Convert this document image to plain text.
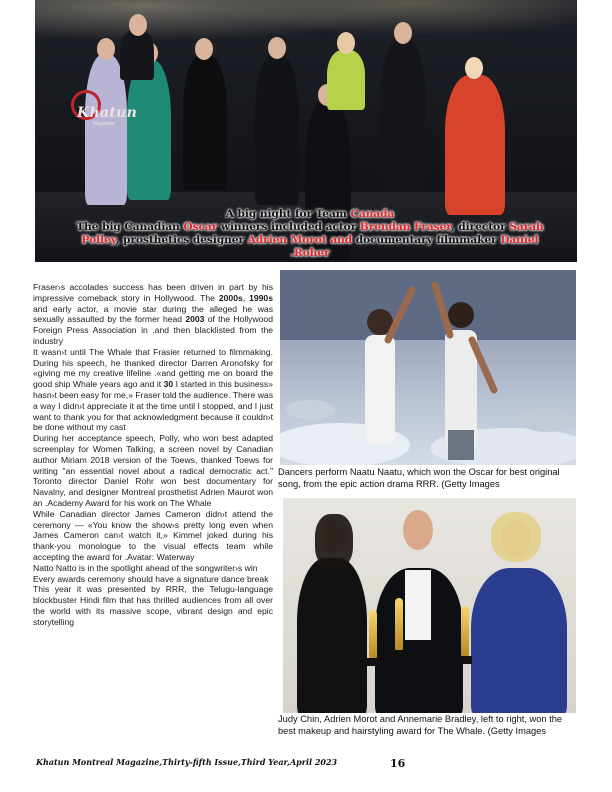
Khatun
Magazine
A big night for Team Canada
The big Canadian Oscar winners included actor Brendan Fraser, director Sarah
Polley, prosthetics designer Adrien Morot and documentary filmmaker Daniel
.Roher

Fraser›s accolades success has been driven in part by his impressive comeback story in Hollywood. The 2000s, 1990s and early actor, a movie star during the alleged he was sexually assaulted by the former head 2003 of the Hollywood Foreign Press Association in .and then blacklisted from the industry

It wasn›t until The Whale that Frasier returned to filmmaking. During his speech, he thanked director Darren Aronofsky for «giving me my creative lifeline .«and getting me on board the good ship Whale years ago and it 30 I started in this business» hasn›t been easy for me,» Fraser told the audience. There was a way I didn›t appreciate it at the time until I stopped, and I just want to thank you for that acknowledgment because it couldn›t be done without my cast

During her acceptance speech, Polly, who won best adapted screenplay for Women Talking, a screen novel by Canadian author Miriam 2018 version of the Toews, thanked Toews for writing "an essential novel about a radical democratic act." Toronto director Daniel Rohr won best documentary for Navalny, and designer Montreal prosthetist Adrien Maurot won an .Academy Award for his work on The Whale

While Canadian director James Cameron didn›t attend the ceremony — «You know the show›s pretty long even when James Cameron can›t watch it,» Kimmel joked during his thank-you monologue to the visual effects team while accepting the award for .Avatar: Waterway

Natto Natto is in the spotlight ahead of the songwriter›s win

Every awards ceremony should have a signature dance break

This year it was presented by RRR, the Telugu-language blockbuster Hindi film that has thrilled audiences from all over the world with its massive scope, vibrant design and epic storytelling

Dancers perform Naatu Naatu, which won the Oscar for best original song, from the epic action drama RRR. (Getty Images
Judy Chin, Adrien Morot and Annemarie Bradley, left to right, won the best makeup and hairstyling award for The Whale. (Getty Images
Khatun Montreal Magazine,Thirty-fifth Issue,Third Year,April 2023	16
